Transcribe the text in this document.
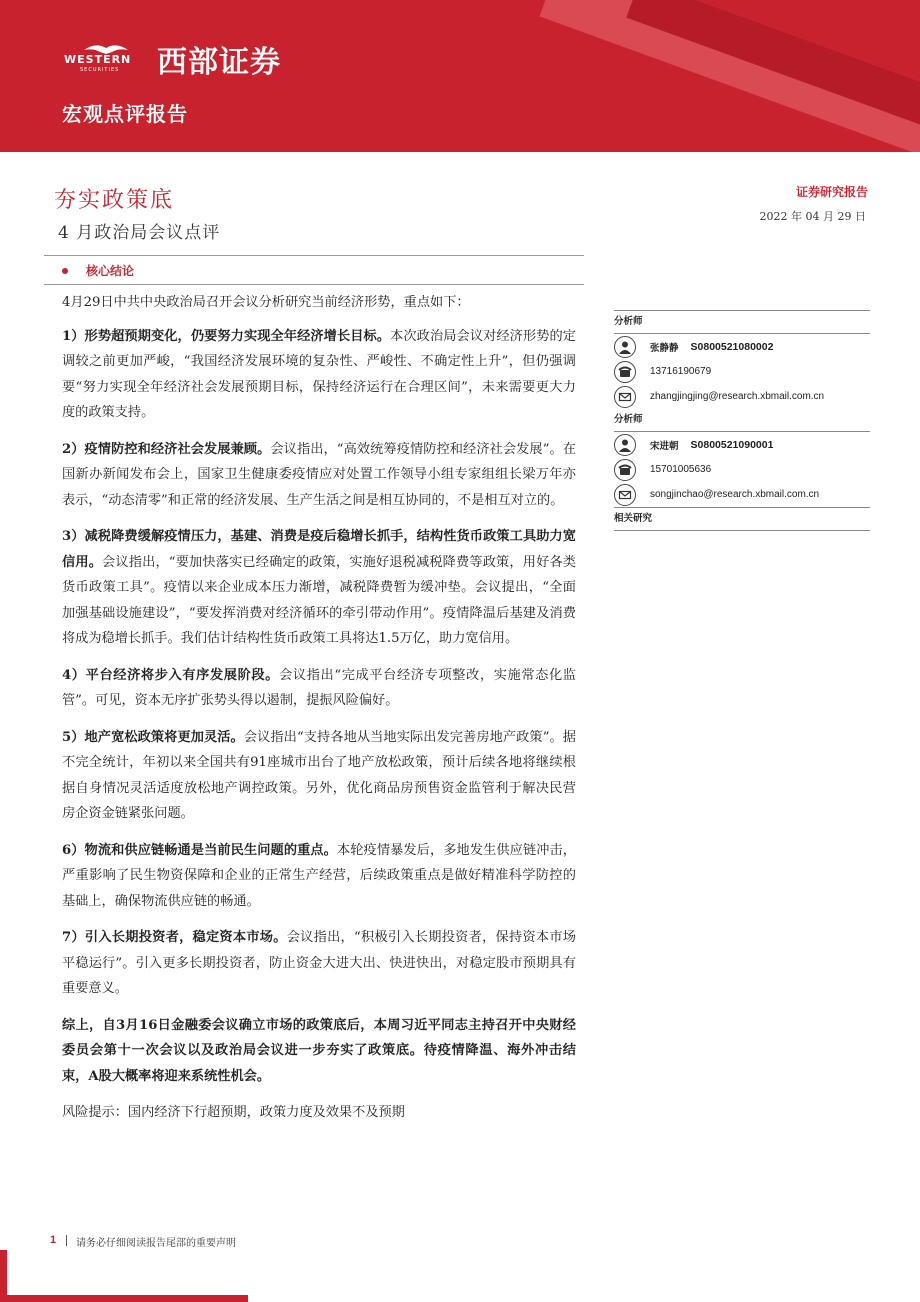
WESTERN
SECURITIES 西部证券
宏观点评报告
夯实政策底
4 月政治局会议点评
证券研究报告
2022 年 04 月 29 日
核心结论

4月29日中共中央政治局召开会议分析研究当前经济形势，重点如下：

1）形势超预期变化，仍要努力实现全年经济增长目标。本次政治局会议对经济形势的定调较之前更加严峻，“我国经济发展环境的复杂性、严峻性、不确定性上升”，但仍强调要“努力实现全年经济社会发展预期目标，保持经济运行在合理区间”，未来需要更大力度的政策支持。

2）疫情防控和经济社会发展兼顾。会议指出，“高效统筹疫情防控和经济社会发展”。在国新办新闻发布会上，国家卫生健康委疫情应对处置工作领导小组专家组组长梁万年亦表示，“动态清零”和正常的经济发展、生产生活之间是相互协同的，不是相互对立的。

3）减税降费缓解疫情压力，基建、消费是疫后稳增长抓手，结构性货币政策工具助力宽信用。会议指出，“要加快落实已经确定的政策，实施好退税减税降费等政策，用好各类货币政策工具”。疫情以来企业成本压力渐增，减税降费暂为缓冲垫。会议提出，“全面加强基础设施建设”，“要发挥消费对经济循环的牵引带动作用”。疫情降温后基建及消费将成为稳增长抓手。我们估计结构性货币政策工具将达1.5万亿，助力宽信用。

4）平台经济将步入有序发展阶段。会议指出“完成平台经济专项整改，实施常态化监管”。可见，资本无序扩张势头得以遏制，提振风险偏好。

5）地产宽松政策将更加灵活。会议指出“支持各地从当地实际出发完善房地产政策”。据不完全统计，年初以来全国共有91座城市出台了地产放松政策，预计后续各地将继续根据自身情况灵活适度放松地产调控政策。另外，优化商品房预售资金监管利于解决民营房企资金链紧张问题。

6）物流和供应链畅通是当前民生问题的重点。本轮疫情暴发后，多地发生供应链冲击，严重影响了民生物资保障和企业的正常生产经营，后续政策重点是做好精准科学防控的基础上，确保物流供应链的畅通。

7）引入长期投资者，稳定资本市场。会议指出，“积极引入长期投资者，保持资本市场平稳运行”。引入更多长期投资者，防止资金大进大出、快进快出，对稳定股市预期具有重要意义。

综上，自3月16日金融委会议确立市场的政策底后，本周习近平同志主持召开中央财经委员会第十一次会议以及政治局会议进一步夯实了政策底。待疫情降温、海外冲击结束，A股大概率将迎来系统性机会。

风险提示：国内经济下行超预期，政策力度及效果不及预期

分析师
张静静 S0800521080002
13716190679
zhangjingjing@research.xbmail.com.cn
分析师
宋进朝 S0800521090001
15701005636
songjinchao@research.xbmail.com.cn
相关研究
1 请务必仔细阅读报告尾部的重要声明
